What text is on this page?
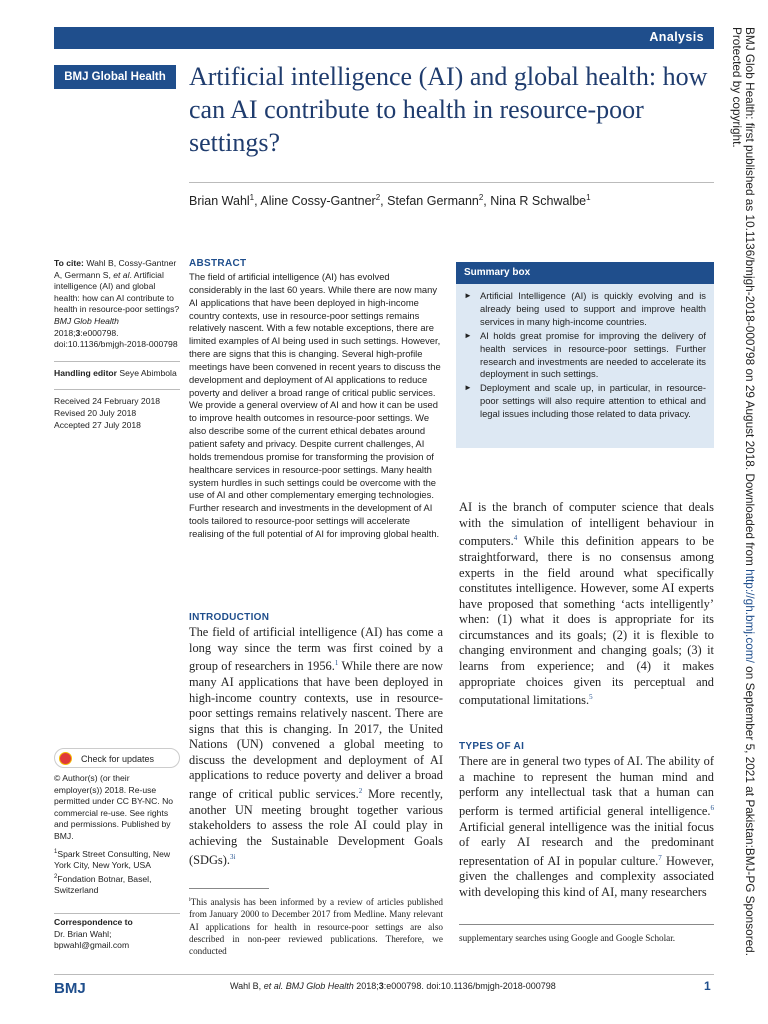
Analysis
BMJ Global Health Artificial intelligence (AI) and global health: how can AI contribute to health in resource-poor settings?
Brian Wahl$^1$, Aline Cossy-Gantner$^2$, Stefan Germann$^2$, Nina R Schwalbe$^1$

To cite: Wahl B, Cossy-Gantner A, Germann S, et al. Artificial intelligence (AI) and global health: how can AI contribute to health in resource-poor settings?BMJ Glob Health 2018;3:e000798. doi:10.1136/bmjgh-2018-000798

Handling editor Seye Abimbola

Received 24 February 2018
Revised 20 July 2018
Accepted 27 July 2018
Check for updates

© Author(s) (or their employer(s)) 2018. Re-use permitted under CC BY-NC. No commercial re-use. See rights and permissions. Published by BMJ.

$^1$Spark Street Consulting, New York City, New York, USA
$^2$Fondation Botnar, Basel, Switzerland
Correspondence to
Dr. Brian Wahl;
bpwahl@gmail.com
ABSTRACT
The field of artificial intelligence (AI) has evolved considerably in the last 60 years. While there are now many AI applications that have been deployed in high-income country contexts, use in resource-poor settings remains relatively nascent. With a few notable exceptions, there are limited examples of AI being used in such settings. However, there are signs that this is changing. Several high-profile meetings have been convened in recent years to discuss the development and deployment of AI applications to reduce poverty and deliver a broad range of critical public services. We provide a general overview of AI and how it can be used to improve health outcomes in resource-poor settings. We also describe some of the current ethical debates around patient safety and privacy. Despite current challenges, AI holds tremendous promise for transforming the provision of healthcare services in resource-poor settings. Many health system hurdles in such settings could be overcome with the use of AI and other complementary emerging technologies. Further research and investments in the development of AI tools tailored to resource-poor settings will accelerate realising of the full potential of AI for improving global health.
Summary box
► Artificial Intelligence (AI) is quickly evolving and is already being used to support and improve health services in many high-income countries.
► AI holds great promise for improving the delivery of health services in resource-poor settings. Further research and investments are needed to accelerate its deployment in such settings.
► Deployment and scale up, in particular, in resource-poor settings will also require attention to ethical and legal issues including those related to data privacy.
INTRODUCTION
The field of artificial intelligence (AI) has come a long way since the term was first coined by a group of researchers in 1956.$^1$ While there are now many AI applications that have been deployed in high-income country contexts, use in resource-poor settings remains relatively nascent. There are signs that this is changing. In 2017, the United Nations (UN) convened a global meeting to discuss the development and deployment of AI applications to reduce poverty and deliver a broad range of critical public services.$^2$ More recently, another UN meeting brought together various stakeholders to assess the role AI could play in achieving the Sustainable Development Goals (SDGs).$^{3i}$
$^i$This analysis has been informed by a review of articles published from January 2000 to December 2017 from Medline. Many relevant AI applications for health in resource-poor settings are also described in non-peer reviewed publications. Therefore, we conducted
AI is the branch of computer science that deals with the simulation of intelligent behaviour in computers.$^4$ While this definition appears to be straightforward, there is no consensus among experts in the field around what specifically constitutes intelligence. However, some AI experts have proposed that something ‘acts intelligently’ when: (1) what it does is appropriate for its circumstances and its goals; (2) it is flexible to changing environment and changing goals; (3) it learns from experience; and (4) it makes appropriate choices given its perceptual and computational limitations.$^5$
TYPES OF AI
There are in general two types of AI. The ability of a machine to represent the human mind and perform any intellectual task that a human can perform is termed artificial general intelligence.$^6$ Artificial general intelligence was the initial focus of early AI research and the predominant representation of AI in popular culture.$^7$ However, given the challenges and complexity associated with developing this kind of AI, many researchers
supplementary searches using Google and Google Scholar.
BMJ	Wahl B, et al. BMJ Glob Health 2018;3:e000798. doi:10.1136/bmjgh-2018-000798	1
BMJ Glob Health: first published as 10.1136/bmjgh-2018-000798 on 29 August 2018. Downloaded from http://gh.bmj.com/ on September 5, 2021 at Pakistan:BMJ-PG Sponsored. Protected by copyright.
